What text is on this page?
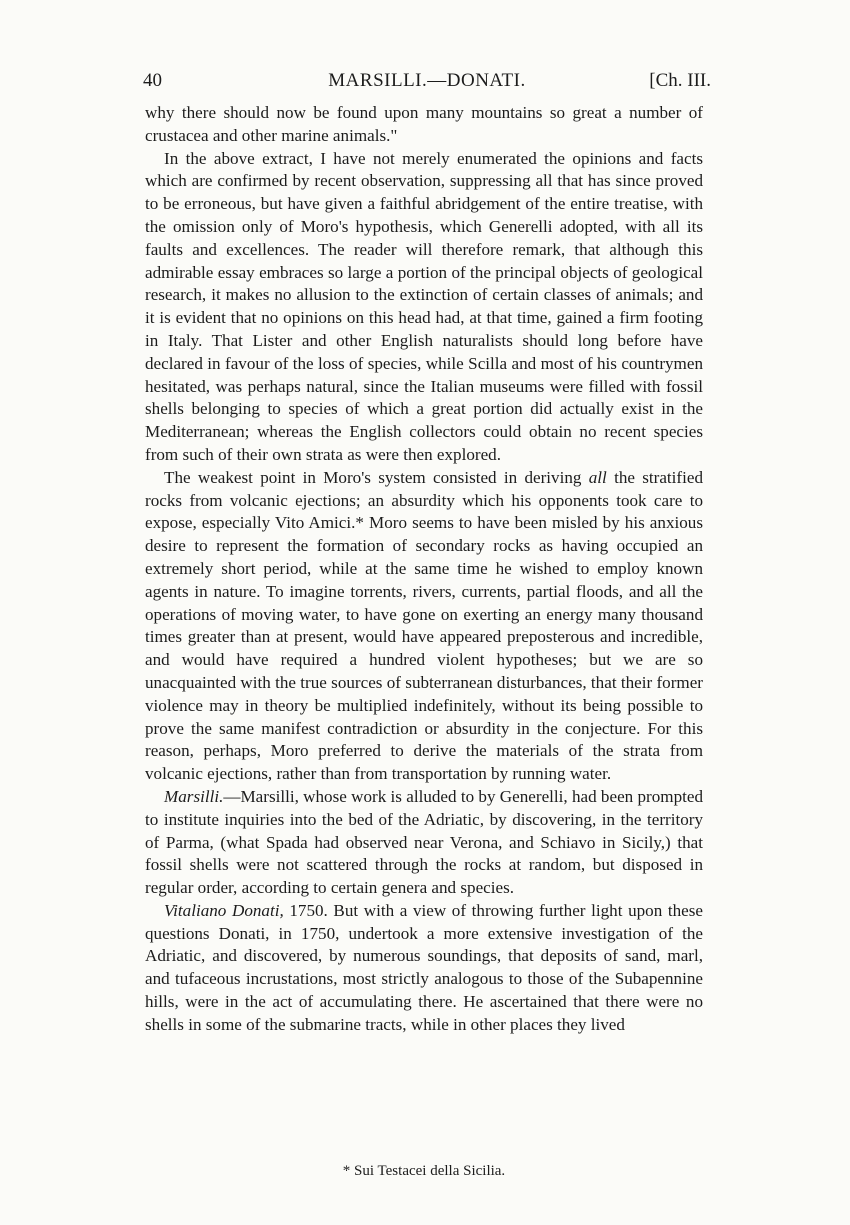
40	MARSILLI.—DONATI.	[Ch. III.

why there should now be found upon many mountains so great a number of crustacea and other marine animals."

In the above extract, I have not merely enumerated the opinions and facts which are confirmed by recent observation, suppressing all that has since proved to be erroneous, but have given a faithful abridgement of the entire treatise, with the omission only of Moro's hypothesis, which Generelli adopted, with all its faults and excellences. The reader will therefore remark, that although this admirable essay embraces so large a portion of the principal objects of geological research, it makes no allusion to the extinction of certain classes of animals; and it is evident that no opinions on this head had, at that time, gained a firm footing in Italy. That Lister and other English naturalists should long before have declared in favour of the loss of species, while Scilla and most of his countrymen hesitated, was perhaps natural, since the Italian museums were filled with fossil shells belonging to species of which a great portion did actually exist in the Mediterranean; whereas the English collectors could obtain no recent species from such of their own strata as were then explored.

The weakest point in Moro's system consisted in deriving all the stratified rocks from volcanic ejections; an absurdity which his opponents took care to expose, especially Vito Amici.* Moro seems to have been misled by his anxious desire to represent the formation of secondary rocks as having occupied an extremely short period, while at the same time he wished to employ known agents in nature. To imagine torrents, rivers, currents, partial floods, and all the operations of moving water, to have gone on exerting an energy many thousand times greater than at present, would have appeared preposterous and incredible, and would have required a hundred violent hypotheses; but we are so unacquainted with the true sources of subterranean disturbances, that their former violence may in theory be multiplied indefinitely, without its being possible to prove the same manifest contradiction or absurdity in the conjecture. For this reason, perhaps, Moro preferred to derive the materials of the strata from volcanic ejections, rather than from transportation by running water.

Marsilli.—Marsilli, whose work is alluded to by Generelli, had been prompted to institute inquiries into the bed of the Adriatic, by discovering, in the territory of Parma, (what Spada had observed near Verona, and Schiavo in Sicily,) that fossil shells were not scattered through the rocks at random, but disposed in regular order, according to certain genera and species.

Vitaliano Donati, 1750. But with a view of throwing further light upon these questions Donati, in 1750, undertook a more extensive investigation of the Adriatic, and discovered, by numerous soundings, that deposits of sand, marl, and tufaceous incrustations, most strictly analogous to those of the Subapennine hills, were in the act of accumulating there. He ascertained that there were no shells in some of the submarine tracts, while in other places they lived

* Sui Testacei della Sicilia.
